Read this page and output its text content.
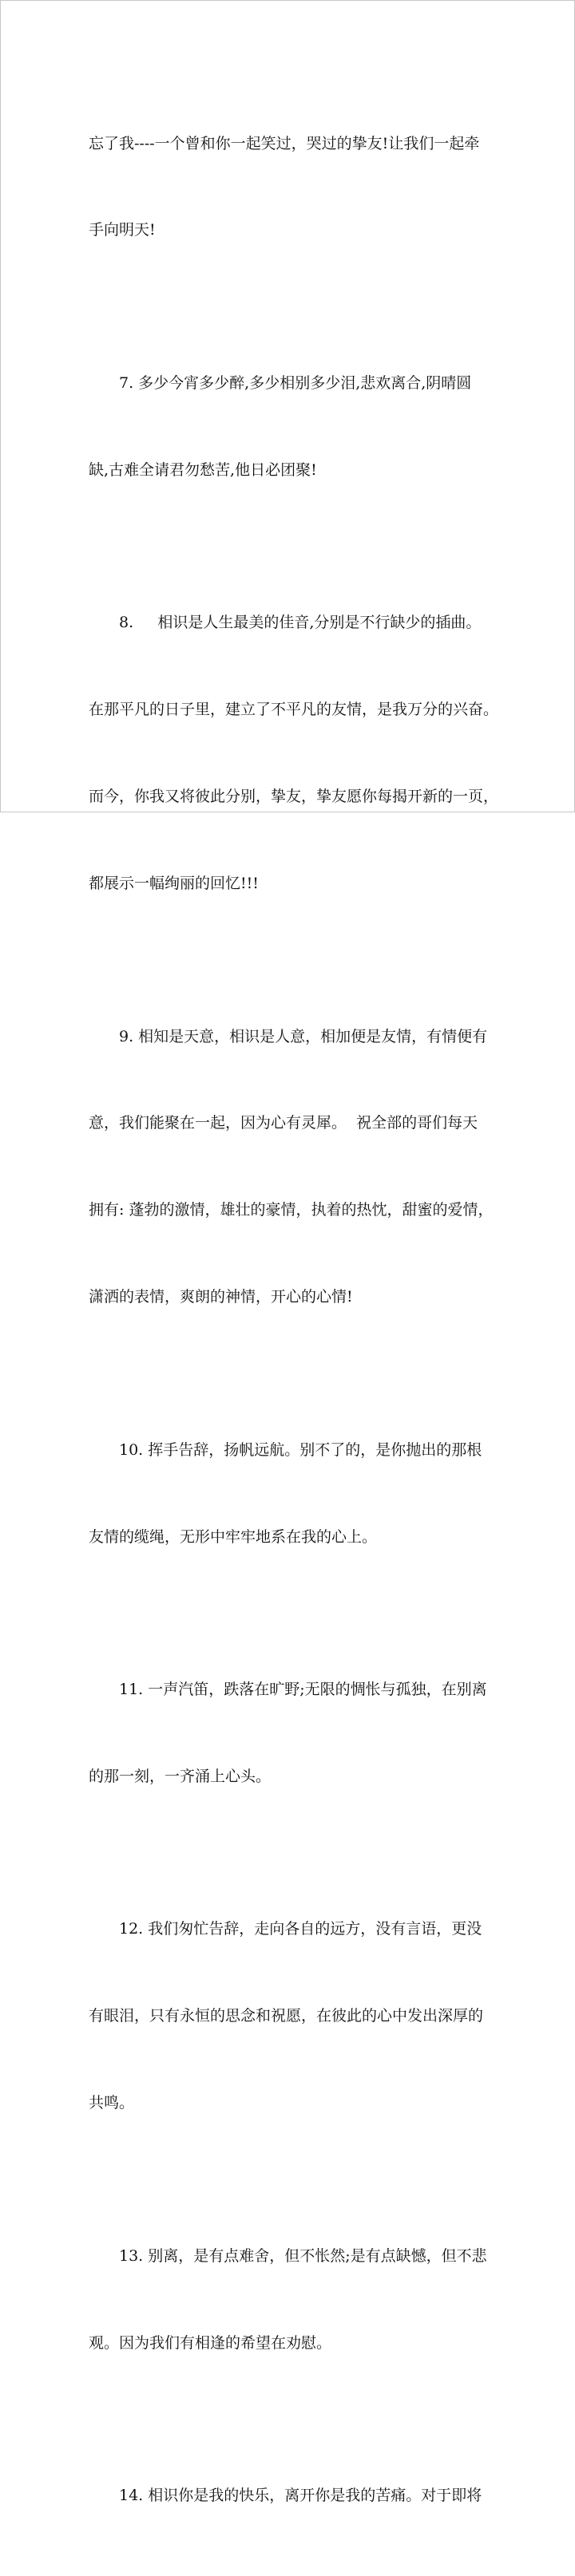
忘了我----一个曾和你一起笑过，哭过的挚友!让我们一起牵

手向明天!

7. 多少今宵多少醉,多少相别多少泪,悲欢离合,阴晴圆

缺,古难全请君勿愁苦,他日必团聚!

8.     相识是人生最美的佳音,分别是不行缺少的插曲。

在那平凡的日子里，建立了不平凡的友情，是我万分的兴奋。

而今，你我又将彼此分别，挚友，挚友愿你每揭开新的一页，

都展示一幅绚丽的回忆!!!

9. 相知是天意，相识是人意，相加便是友情，有情便有

意，我们能聚在一起，因为心有灵犀。  祝全部的哥们每天

拥有: 蓬勃的激情，雄壮的豪情，执着的热忱，甜蜜的爱情，

潇洒的表情，爽朗的神情，开心的心情!

10. 挥手告辞，扬帆远航。别不了的，是你抛出的那根

友情的缆绳，无形中牢牢地系在我的心上。

11. 一声汽笛，跌落在旷野;无限的惆怅与孤独，在别离

的那一刻，一齐涌上心头。

12. 我们匆忙告辞，走向各自的远方，没有言语，更没

有眼泪，只有永恒的思念和祝愿，在彼此的心中发出深厚的

共鸣。

13. 别离，是有点难舍，但不怅然;是有点缺憾，但不悲

观。因为我们有相逢的希望在劝慰。

14. 相识你是我的快乐，离开你是我的苦痛。对于即将
